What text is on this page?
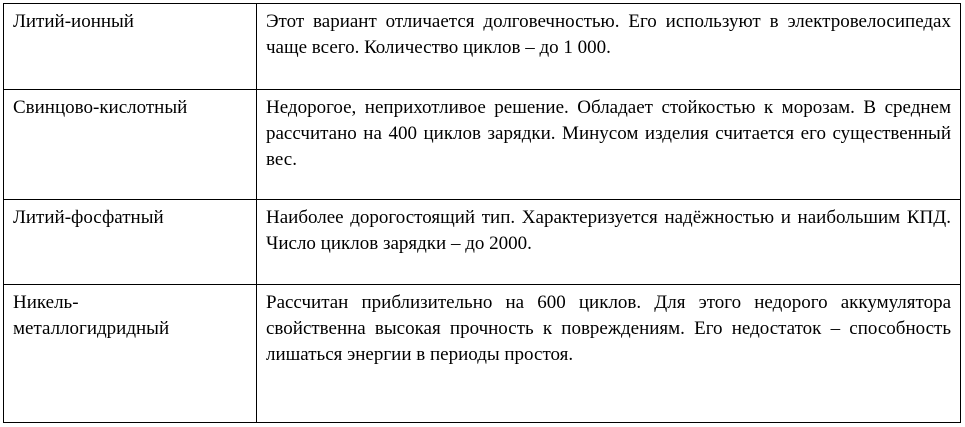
Литий-ионный	Этот вариант отличается долговечностью. Его используют в электровелосипедах чаще всего. Количество циклов – до 1 000.
Свинцово-кислотный	Недорогое, неприхотливое решение. Обладает стойкостью к морозам. В среднем рассчитано на 400 циклов зарядки. Минусом изделия считается его существенный вес.
Литий-фосфатный	Наиболее дорогостоящий тип. Характеризуется надёжностью и наибольшим КПД. Число циклов зарядки – до 2000.
Никель-металлогидридный	Рассчитан приблизительно на 600 циклов. Для этого недорого аккумулятора свойственна высокая прочность к повреждениям. Его недостаток – способность лишаться энергии в периоды простоя.
